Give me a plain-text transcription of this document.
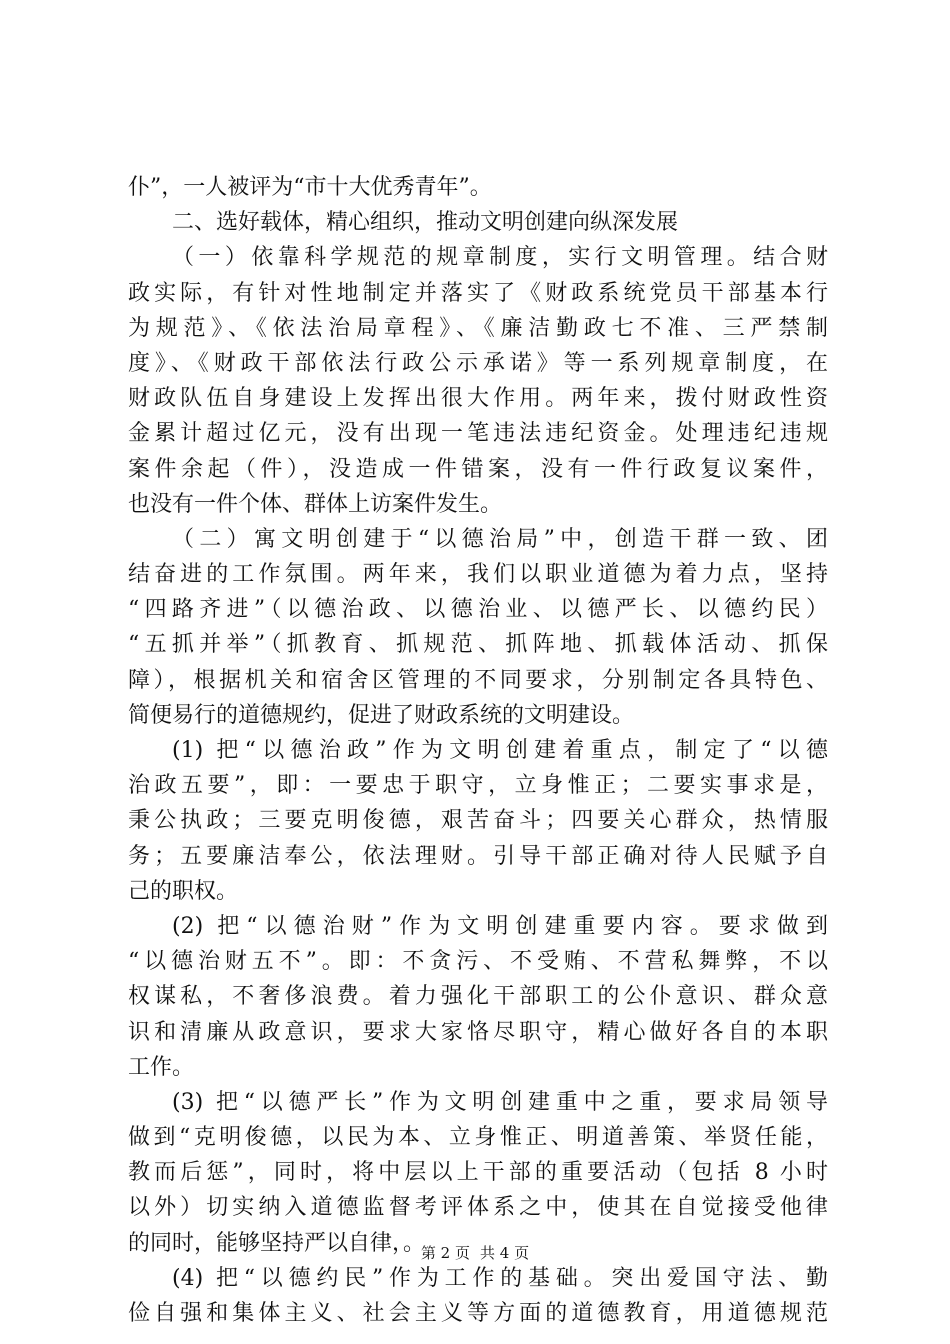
仆”，一人被评为“市十大优秀青年”。
二、选好载体，精心组织，推动文明创建向纵深发展
（一）依靠科学规范的规章制度，实行文明管理。结合财
政实际，有针对性地制定并落实了《财政系统党员干部基本行
为规范》、《依法治局章程》、《廉洁勤政七不准、三严禁制
度》、《财政干部依法行政公示承诺》等一系列规章制度，在
财政队伍自身建设上发挥出很大作用。两年来，拨付财政性资
金累计超过亿元，没有出现一笔违法违纪资金。处理违纪违规
案件余起（件），没造成一件错案，没有一件行政复议案件，
也没有一件个体、群体上访案件发生。
（二）寓文明创建于“以德治局”中，创造干群一致、团
结奋进的工作氛围。两年来，我们以职业道德为着力点，坚持
“四路齐进”（以德治政、以德治业、以德严长、以德约民）
“五抓并举”（抓教育、抓规范、抓阵地、抓载体活动、抓保
障），根据机关和宿舍区管理的不同要求，分别制定各具特色、
简便易行的道德规约，促进了财政系统的文明建设。
(1) 把“以德治政”作为文明创建着重点，制定了“以德
治政五要”，即：一要忠于职守，立身惟正；二要实事求是，
秉公执政；三要克明俊德，艰苦奋斗；四要关心群众，热情服
务；五要廉洁奉公，依法理财。引导干部正确对待人民赋予自
己的职权。
(2) 把“以德治财”作为文明创建重要内容。要求做到
“以德治财五不”。即：不贪污、不受贿、不营私舞弊，不以
权谋私，不奢侈浪费。着力强化干部职工的公仆意识、群众意
识和清廉从政意识，要求大家恪尽职守，精心做好各自的本职
工作。
(3) 把“以德严长”作为文明创建重中之重，要求局领导
做到“克明俊德，以民为本、立身惟正、明道善策、举贤任能，
教而后惩”，同时，将中层以上干部的重要活动（包括 8 小时
以外）切实纳入道德监督考评体系之中，使其在自觉接受他律
的同时，能够坚持严以自律，。
(4) 把“以德约民”作为工作的基础。突出爱国守法、勤
俭自强和集体主义、社会主义等方面的道德教育，用道德规范
第 2 页 共 4 页
